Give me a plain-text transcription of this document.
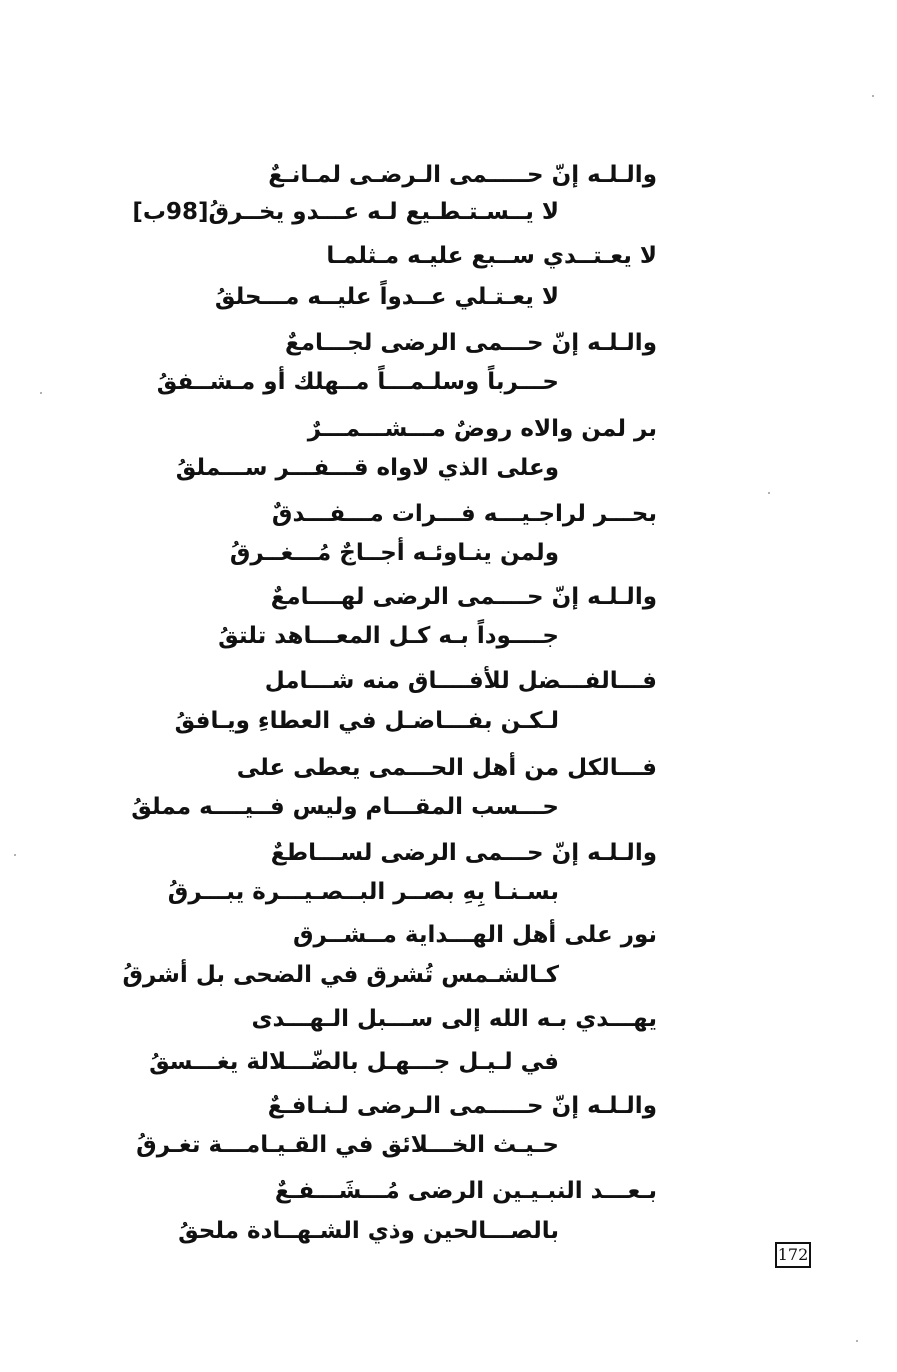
والـلـه إنّ حـــــمى الـرضـى لمـانـعٌ
لا يــسـتـطـيع لـه عـــدو يخــرقُ[98ب]
لا يعـتــدي ســبع عليـه مـثلمـا
لا يعـتـلي عــدواً عليــه مـــحلقُ
والـلـه إنّ حـــمى الرضى لجـــامعٌ
حـــرباً وسلـمـــاً مــهلك أو مـشــفقُ
بر لمن والاه روضٌ مـــشـــمـــرٌ
وعلى الذي لاواه قـــفـــر ســـملقُ
بحـــر لراجـيـــه فـــرات مـــفـــدقٌ
ولمن ينـاوئـه أجــاجٌ مُـــغــرقُ
والـلـه إنّ حــــمى الرضى لهــــامعٌ
جــــوداً بـه كـل المعـــاهد تلتقُ
فـــالفـــضل للأفــــاق منه شـــامل
لـكـن بفـــاضـل في العطاءِ ويـافقُ
فـــالكل من أهل الحـــمى يعطى على
حـــسب المقـــام وليس فــيــــه مملقُ
والـلـه إنّ حـــمى الرضى لســـاطعٌ
بسـنـا بِهِ بصــر البــصـيـــرة يبـــرقُ
نور على أهل الهـــداية مــشــرق
كـالشـمس تُشرق في الضحى بل أشرقُ
يهـــدي بـه الله إلى ســـبل الـهـــدى
في لـيـل جـــهـل بالضّـــلالة يغـــسقُ
والـلـه إنّ حـــــمى الـرضى لـنـافـعٌ
حـيـث الخـــلائق في القـيـامـــة تغـرقُ
بـعـــد النبـيـين الرضى مُـــشَـــفـعٌ
بالصـــالحين وذي الشـهــادة ملحقُ
172
